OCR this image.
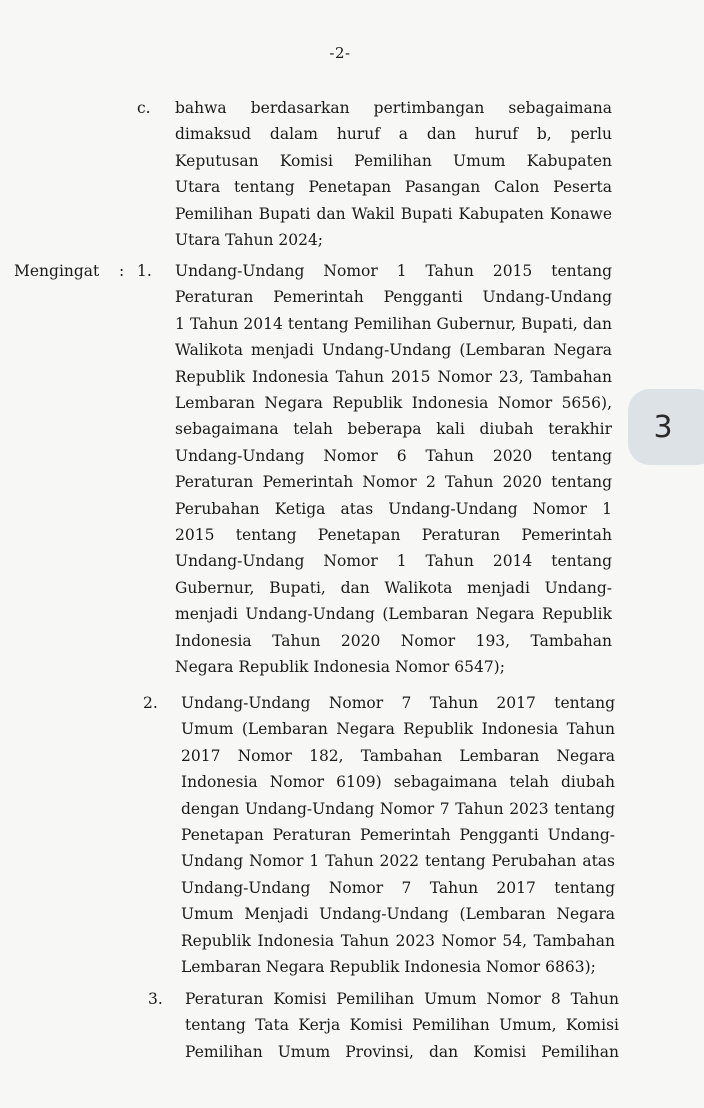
-2-
3
c. bahwa berdasarkan pertimbangan sebagaimana
dimaksud dalam huruf a dan huruf b, perlu
Keputusan Komisi Pemilihan Umum Kabupaten
Utara tentang Penetapan Pasangan Calon Peserta
Pemilihan Bupati dan Wakil Bupati Kabupaten Konawe
Utara Tahun 2024;
Mengingat : 1. Undang-Undang Nomor 1 Tahun 2015 tentang
Peraturan Pemerintah Pengganti Undang-Undang
1 Tahun 2014 tentang Pemilihan Gubernur, Bupati, dan
Walikota menjadi Undang-Undang (Lembaran Negara
Republik Indonesia Tahun 2015 Nomor 23, Tambahan
Lembaran Negara Republik Indonesia Nomor 5656),
sebagaimana telah beberapa kali diubah terakhir
Undang-Undang Nomor 6 Tahun 2020 tentang
Peraturan Pemerintah Nomor 2 Tahun 2020 tentang
Perubahan Ketiga atas Undang-Undang Nomor 1
2015 tentang Penetapan Peraturan Pemerintah
Undang-Undang Nomor 1 Tahun 2014 tentang
Gubernur, Bupati, dan Walikota menjadi Undang-
menjadi Undang-Undang (Lembaran Negara Republik
Indonesia Tahun 2020 Nomor 193, Tambahan
Negara Republik Indonesia Nomor 6547);
2. Undang-Undang Nomor 7 Tahun 2017 tentang
Umum (Lembaran Negara Republik Indonesia Tahun
2017 Nomor 182, Tambahan Lembaran Negara
Indonesia Nomor 6109) sebagaimana telah diubah
dengan Undang-Undang Nomor 7 Tahun 2023 tentang
Penetapan Peraturan Pemerintah Pengganti Undang-
Undang Nomor 1 Tahun 2022 tentang Perubahan atas
Undang-Undang Nomor 7 Tahun 2017 tentang
Umum Menjadi Undang-Undang (Lembaran Negara
Republik Indonesia Tahun 2023 Nomor 54, Tambahan
Lembaran Negara Republik Indonesia Nomor 6863);
3. Peraturan Komisi Pemilihan Umum Nomor 8 Tahun
tentang Tata Kerja Komisi Pemilihan Umum, Komisi
Pemilihan Umum Provinsi, dan Komisi Pemilihan
